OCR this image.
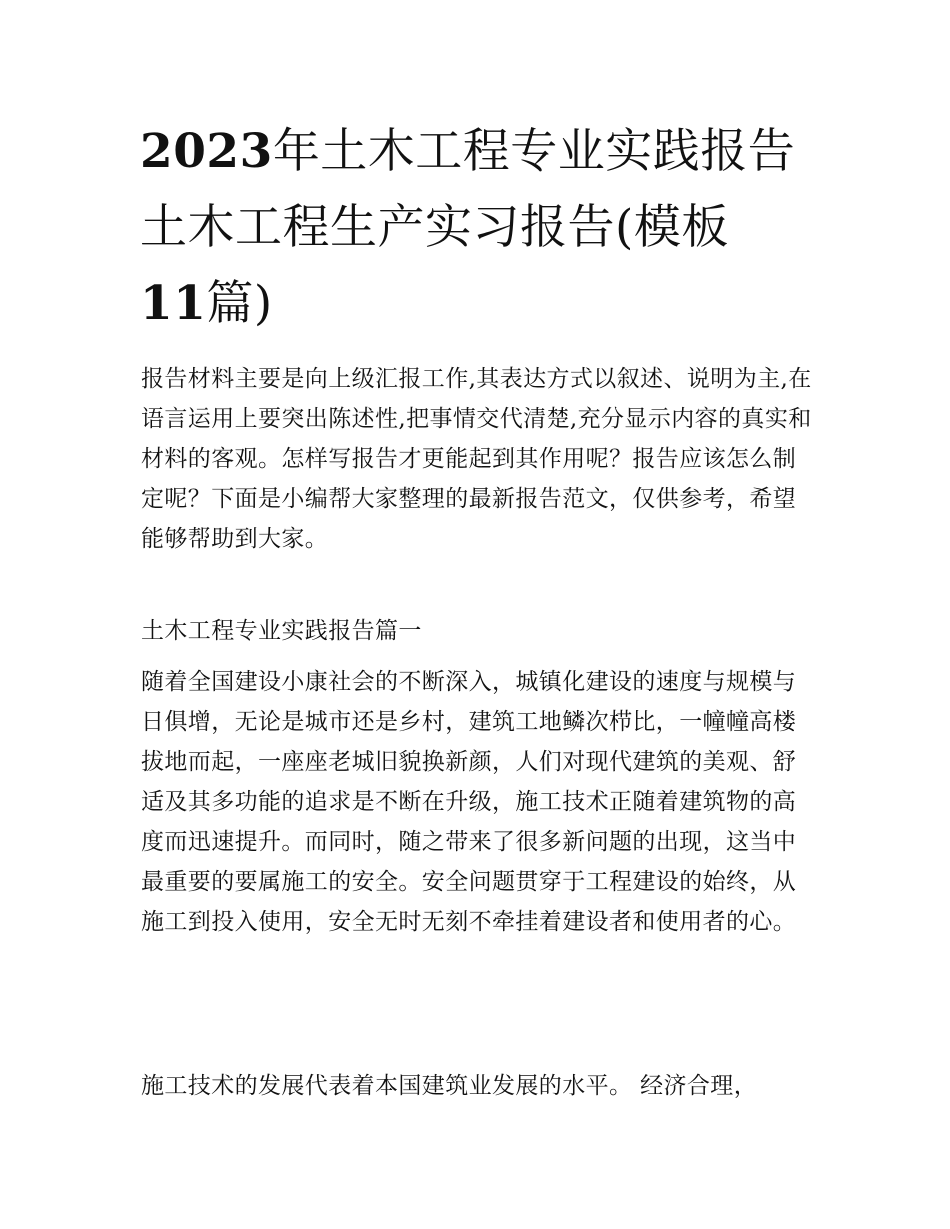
2023年土木工程专业实践报告土木工程生产实习报告(模板
11篇)

报告材料主要是向上级汇报工作,其表达方式以叙述、说明为主,在语言运用上要突出陈述性,把事情交代清楚,充分显示内容的真实和材料的客观。怎样写报告才更能起到其作用呢？报告应该怎么制定呢？下面是小编帮大家整理的最新报告范文，仅供参考，希望能够帮助到大家。

土木工程专业实践报告篇一

随着全国建设小康社会的不断深入，城镇化建设的速度与规模与日俱增，无论是城市还是乡村，建筑工地鳞次栉比，一幢幢高楼拔地而起，一座座老城旧貌换新颜，人们对现代建筑的美观、舒适及其多功能的追求是不断在升级，施工技术正随着建筑物的高度而迅速提升。而同时，随之带来了很多新问题的出现，这当中最重要的要属施工的安全。安全问题贯穿于工程建设的始终，从施工到投入使用，安全无时无刻不牵挂着建设者和使用者的心。

施工技术的发展代表着本国建筑业发展的水平。 经济合理，
